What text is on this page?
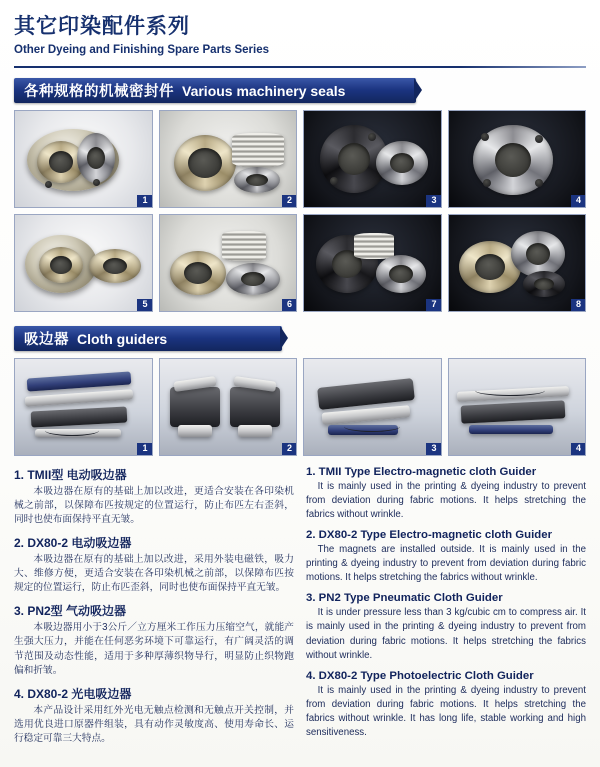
其它印染配件系列
Other Dyeing and Finishing Spare Parts Series
各种规格的机械密封件 Various machinery seals
1	2	3	4
5	6	7	8
吸边器 Cloth guiders
1	2	3	4
1. TMII型 电动吸边器

本吸边器在原有的基础上加以改进，更适合安装在各印染机械之前部，以保障布匹按规定的位置运行，防止布匹左右歪斜，同时也使布面保持平直无皱。

2. DX80-2 电动吸边器

本吸边器在原有的基础上加以改进，采用外装电磁铁，吸力大、维修方便，更适合安装在各印染机械之前部，以保障布匹按规定的位置运行，防止布匹歪斜，同时也使布面保持平直无皱。

3. PN2型 气动吸边器

本吸边器用小于3公斤／立方厘米工作压力压缩空气，就能产生强大压力，并能在任何恶劣环境下可靠运行，有广阔灵活的调节范围及动态性能，适用于多种厚薄织物导行，明显防止织物跑偏和折皱。

4. DX80-2 光电吸边器

本产品设计采用红外光电无触点检测和无触点开关控制，并选用优良进口原器件组装，具有动作灵敏度高、使用寿命长、运行稳定可靠三大特点。

1. TMII Type Electro-magnetic cloth Guider

It is mainly used in the printing & dyeing industry to prevent from deviation during fabric motions. It helps stretching the fabrics without wrinkle.

2. DX80-2 Type Electro-magnetic cloth Guider

The magnets are installed outside. It is mainly used in the printing & dyeing industry to prevent from deviation during fabric motions. It helps stretching the fabrics without wrinkle.

3. PN2 Type Pneumatic Cloth Guider

It is under pressure less than 3 kg/cubic cm to compress air. It is mainly used in the printing & dyeing industry to prevent from deviation during fabric motions. It helps stretching the fabrics without wrinkle.

4. DX80-2 Type Photoelectric Cloth Guider

It is mainly used in the printing & dyeing industry to prevent from deviation during fabric motions. It helps stretching the fabrics without wrinkle. It has long life, stable working and high sensitiveness.
